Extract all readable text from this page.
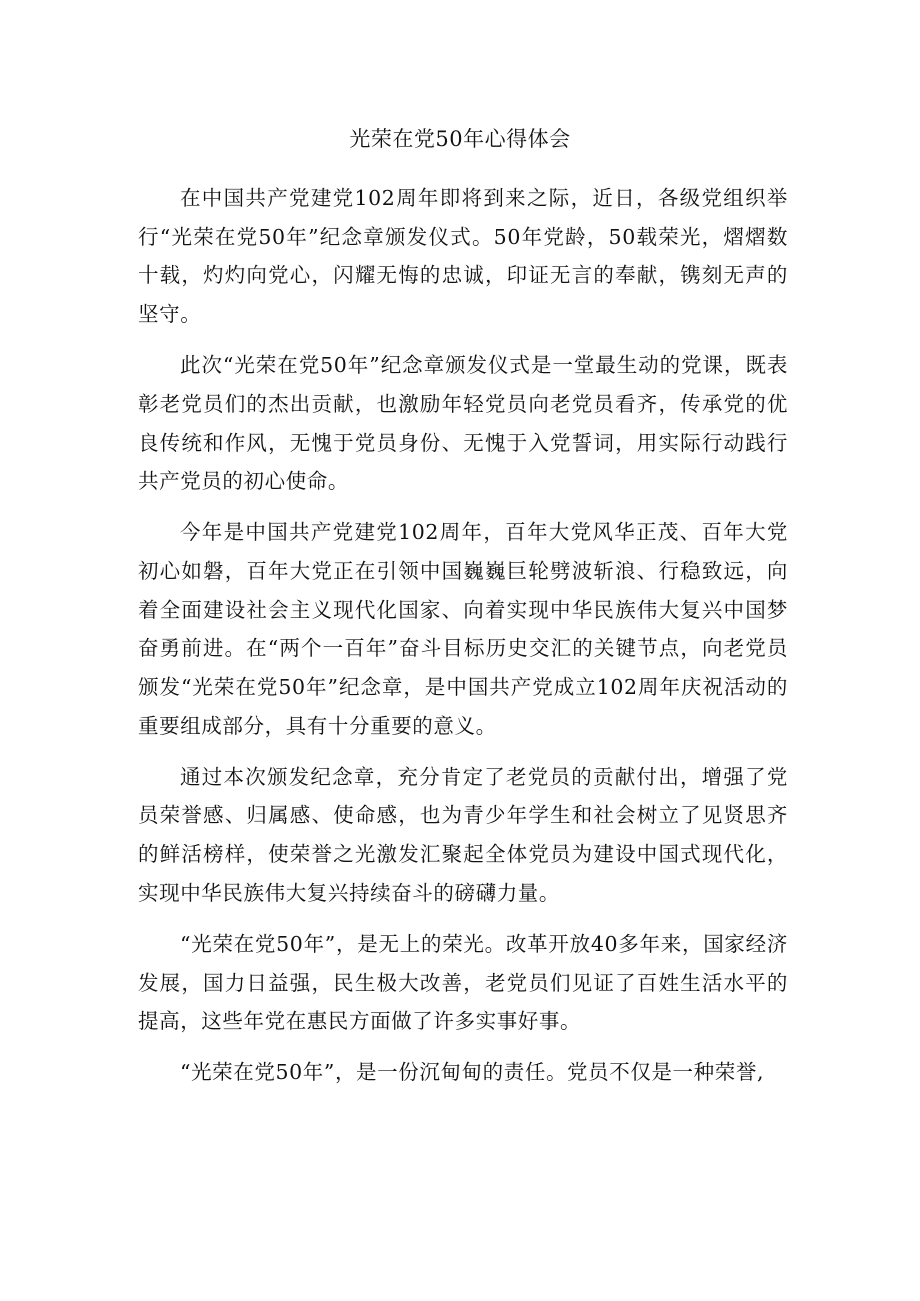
光荣在党50年心得体会

在中国共产党建党102周年即将到来之际，近日，各级党组织举行“光荣在党50年”纪念章颁发仪式。50年党龄，50载荣光，熠熠数十载，灼灼向党心，闪耀无悔的忠诚，印证无言的奉献，镌刻无声的坚守。

此次“光荣在党50年”纪念章颁发仪式是一堂最生动的党课，既表彰老党员们的杰出贡献，也激励年轻党员向老党员看齐，传承党的优良传统和作风，无愧于党员身份、无愧于入党誓词，用实际行动践行共产党员的初心使命。

今年是中国共产党建党102周年，百年大党风华正茂、百年大党初心如磐，百年大党正在引领中国巍巍巨轮劈波斩浪、行稳致远，向着全面建设社会主义现代化国家、向着实现中华民族伟大复兴中国梦奋勇前进。在“两个一百年”奋斗目标历史交汇的关键节点，向老党员颁发“光荣在党50年”纪念章，是中国共产党成立102周年庆祝活动的重要组成部分，具有十分重要的意义。

通过本次颁发纪念章，充分肯定了老党员的贡献付出，增强了党员荣誉感、归属感、使命感，也为青少年学生和社会树立了见贤思齐的鲜活榜样，使荣誉之光激发汇聚起全体党员为建设中国式现代化，实现中华民族伟大复兴持续奋斗的磅礴力量。

“光荣在党50年”，是无上的荣光。改革开放40多年来，国家经济发展，国力日益强，民生极大改善，老党员们见证了百姓生活水平的提高，这些年党在惠民方面做了许多实事好事。

“光荣在党50年”，是一份沉甸甸的责任。党员不仅是一种荣誉,
